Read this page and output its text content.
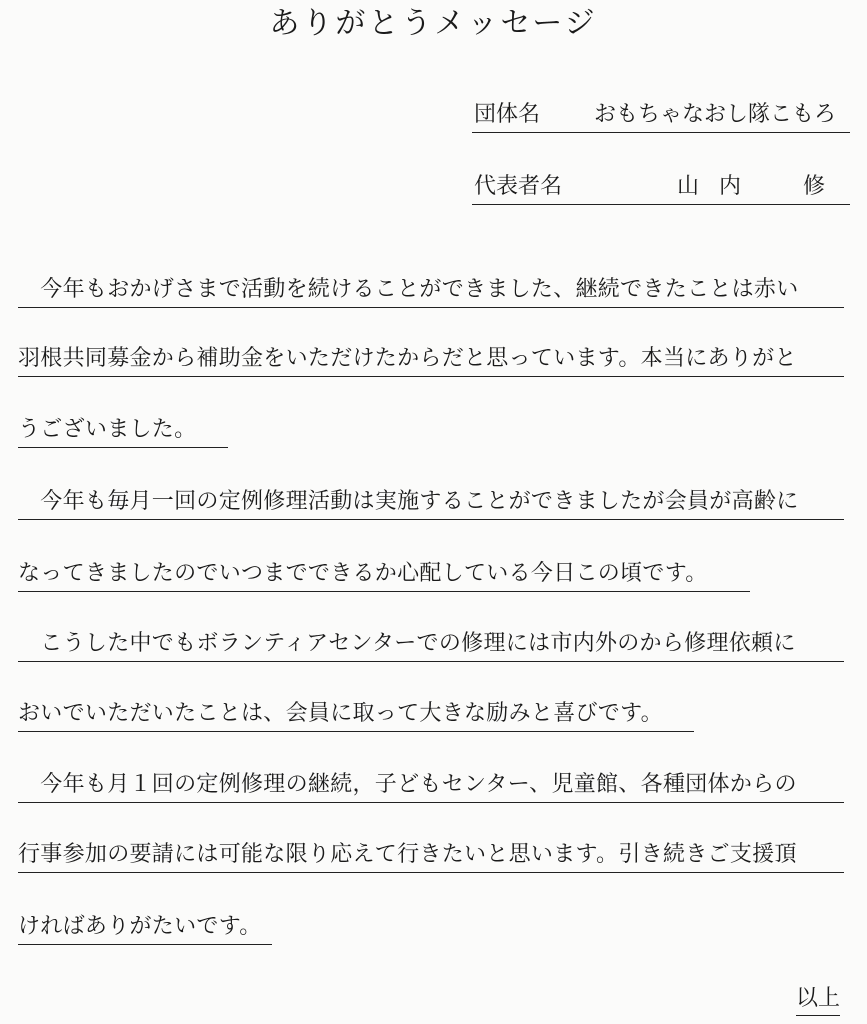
ありがとうメッセージ
団体名 おもちゃなおし隊こもろ
代表者名	山内　修
　今年もおかげさまで活動を続けることができました、継続できたことは赤い
羽根共同募金から補助金をいただけたからだと思っています。本当にありがと
うございました。
　今年も毎月一回の定例修理活動は実施することができましたが会員が高齢に
なってきましたのでいつまでできるか心配している今日この頃です。
　こうした中でもボランティアセンターでの修理には市内外のから修理依頼に
おいでいただいたことは、会員に取って大きな励みと喜びです。
　今年も月１回の定例修理の継続，子どもセンター、児童館、各種団体からの
行事参加の要請には可能な限り応えて行きたいと思います。引き続きご支援頂
ければありがたいです。
以上
